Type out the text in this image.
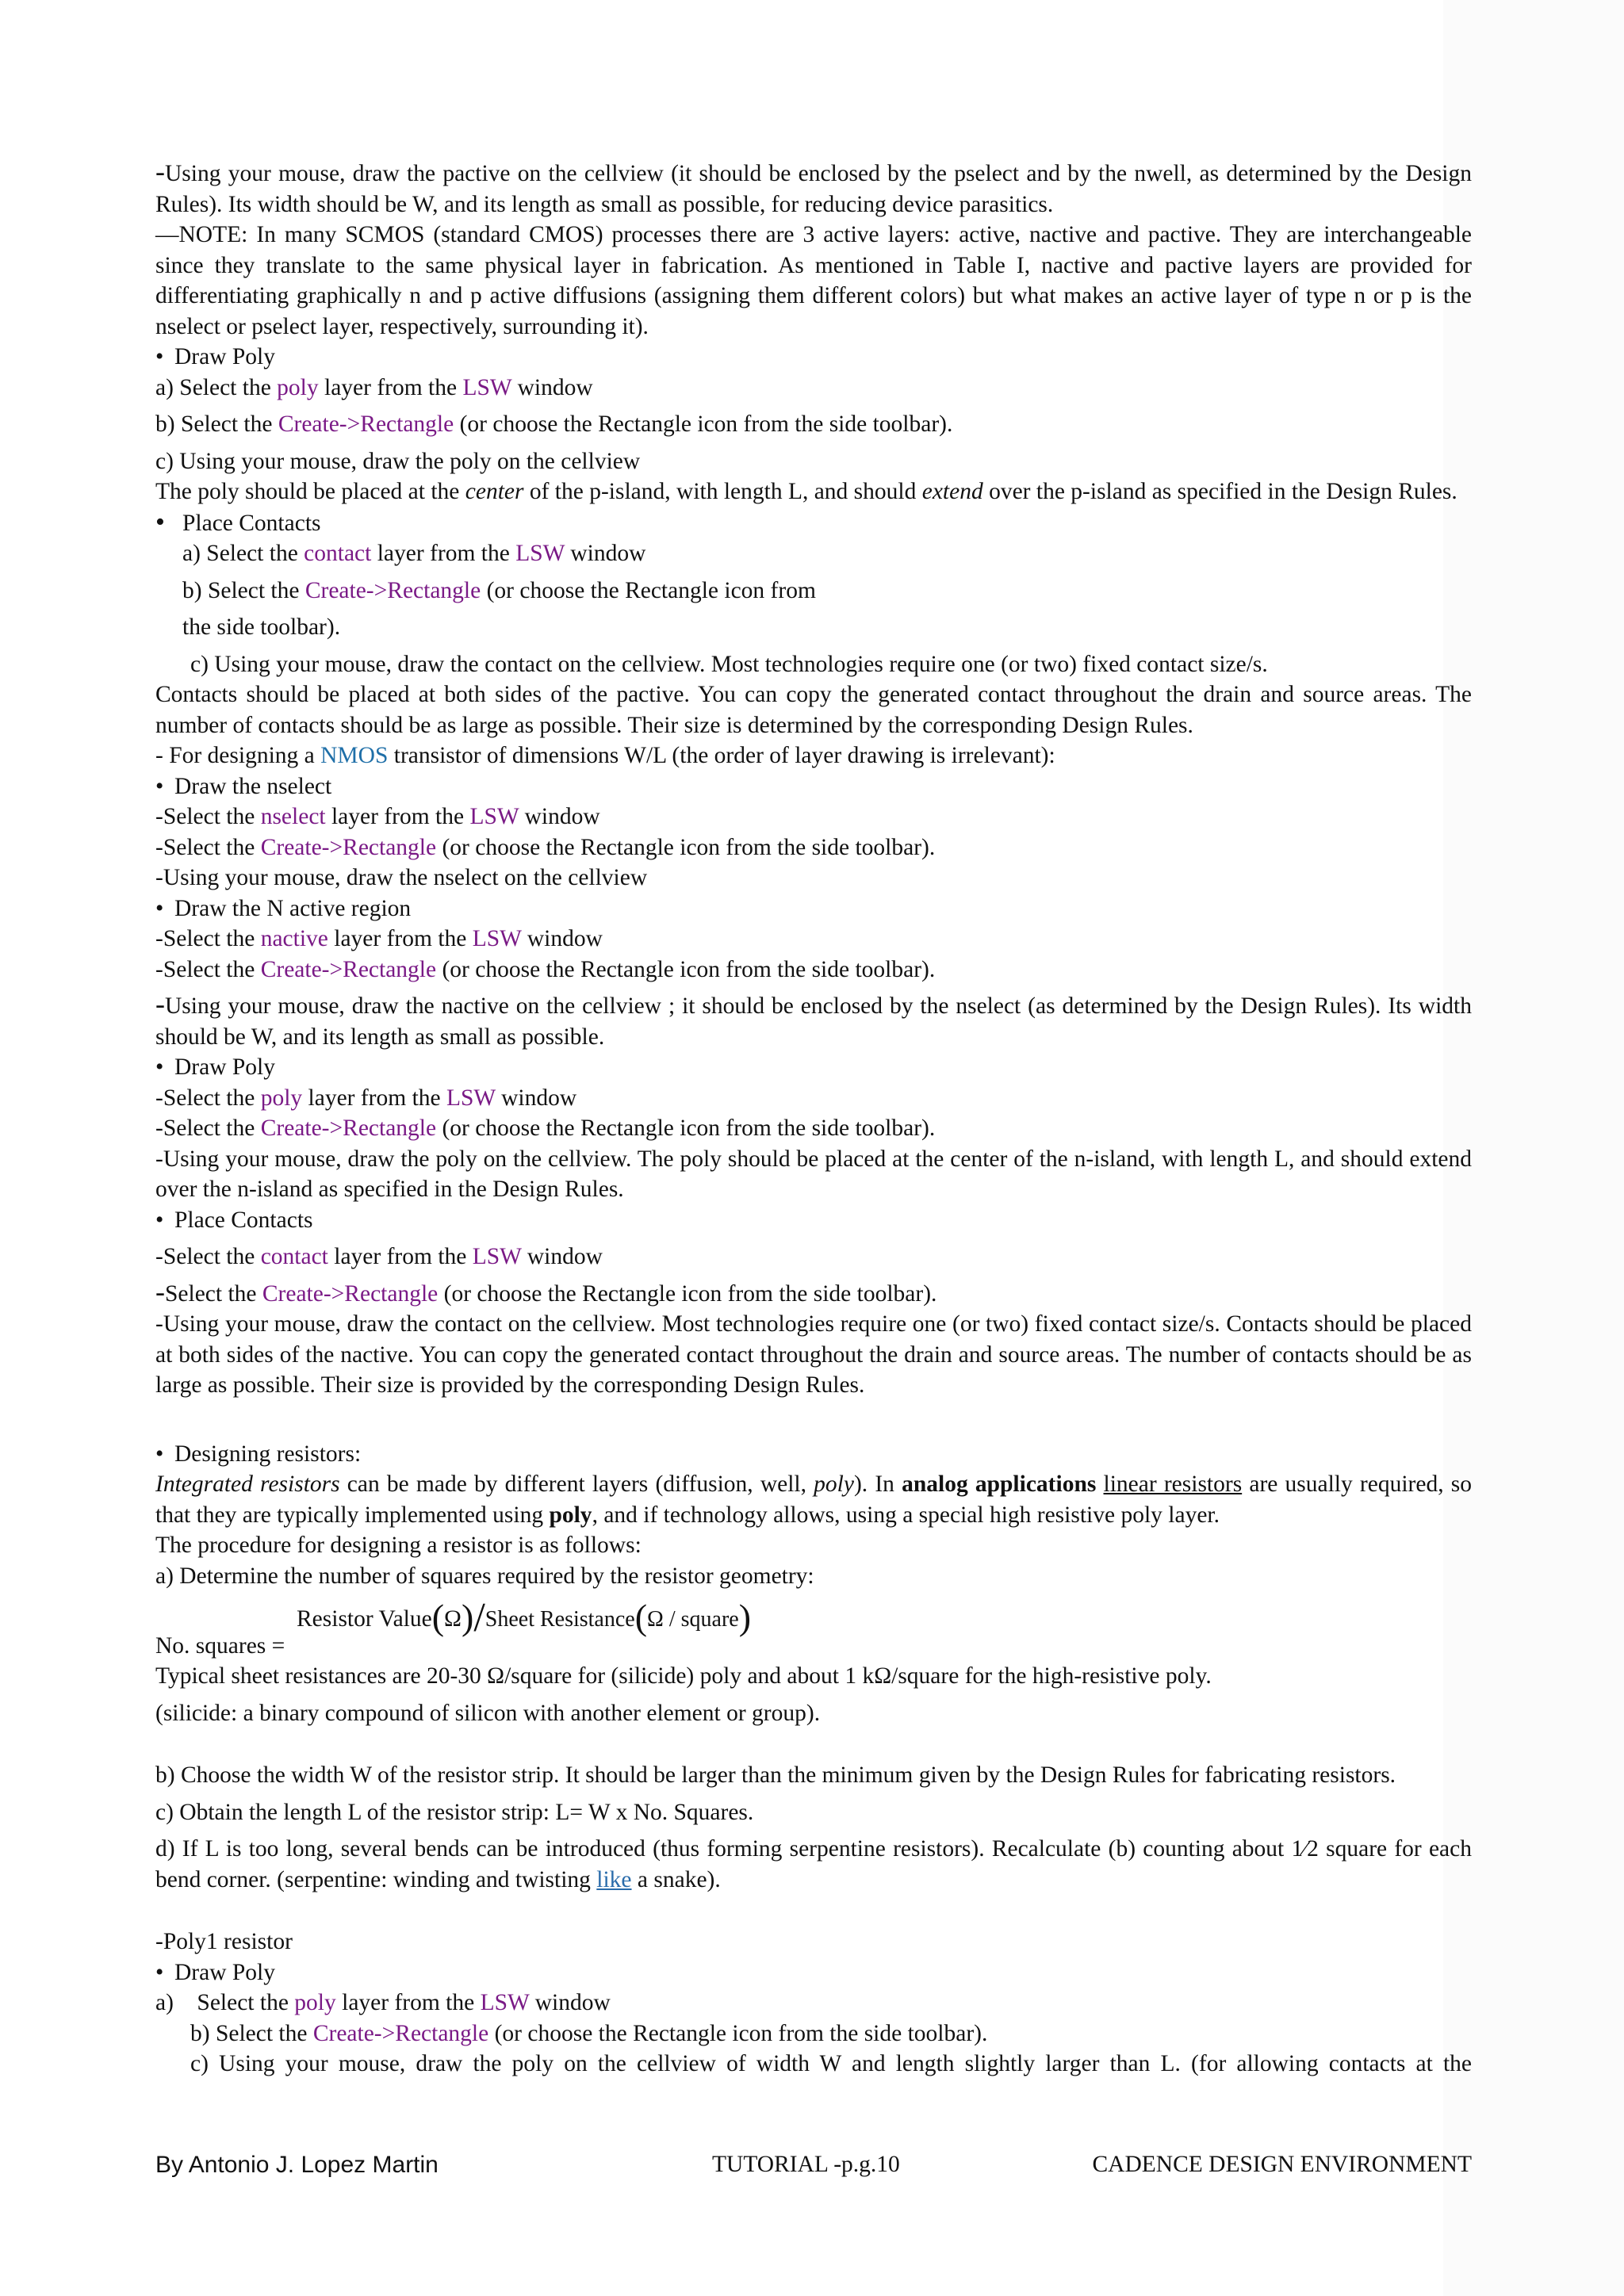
-Using your mouse, draw the pactive on the cellview (it should be enclosed by the pselect and by the nwell, as determined by the Design Rules). Its width should be W, and its length as small as possible, for reducing device parasitics.

—NOTE: In many SCMOS (standard CMOS) processes there are 3 active layers: active, nactive and pactive. They are interchangeable since they translate to the same physical layer in fabrication. As mentioned in Table I, nactive and pactive layers are provided for differentiating graphically n and p active diffusions (assigning them different colors) but what makes an active layer of type n or p is the nselect or pselect layer, respectively, surrounding it).

• Draw Poly

a) Select the poly layer from the LSW window

b) Select the Create->Rectangle (or choose the Rectangle icon from the side toolbar).

c) Using your mouse, draw the poly on the cellview

The poly should be placed at the center of the p-island, with length L, and should extend over the p-island as specified in the Design Rules.

• Place Contacts

a) Select the contact layer from the LSW window

b) Select the Create->Rectangle (or choose the Rectangle icon from

the side toolbar).

c) Using your mouse, draw the contact on the cellview. Most technologies require one (or two) fixed contact size/s.

Contacts should be placed at both sides of the pactive. You can copy the generated contact throughout the drain and source areas. The number of contacts should be as large as possible. Their size is determined by the corresponding Design Rules.

- For designing a NMOS transistor of dimensions W/L (the order of layer drawing is irrelevant):

• Draw the nselect

-Select the nselect layer from the LSW window

-Select the Create->Rectangle (or choose the Rectangle icon from the side toolbar).

-Using your mouse, draw the nselect on the cellview

• Draw the N active region

-Select the nactive layer from the LSW window

-Select the Create->Rectangle (or choose the Rectangle icon from the side toolbar).

-Using your mouse, draw the nactive on the cellview ; it should be enclosed by the nselect (as determined by the Design Rules). Its width should be W, and its length as small as possible.

• Draw Poly

-Select the poly layer from the LSW window

-Select the Create->Rectangle (or choose the Rectangle icon from the side toolbar).

-Using your mouse, draw the poly on the cellview. The poly should be placed at the center of the n-island, with length L, and should extend over the n-island as specified in the Design Rules.

• Place Contacts

-Select the contact layer from the LSW window

-Select the Create->Rectangle (or choose the Rectangle icon from the side toolbar).

-Using your mouse, draw the contact on the cellview. Most technologies require one (or two) fixed contact size/s. Contacts should be placed at both sides of the nactive. You can copy the generated contact throughout the drain and source areas. The number of contacts should be as large as possible. Their size is provided by the corresponding Design Rules.

• Designing resistors:

Integrated resistors can be made by different layers (diffusion, well, poly). In analog applications linear resistors are usually required, so that they are typically implemented using poly, and if technology allows, using a special high resistive poly layer.

The procedure for designing a resistor is as follows:

a) Determine the number of squares required by the resistor geometry:

Resistor Value(Ω)/Sheet Resistance(Ω / square)

No. squares =

Typical sheet resistances are 20-30 Ω/square for (silicide) poly and about 1 kΩ/square for the high-resistive poly.

(silicide: a binary compound of silicon with another element or group).

b) Choose the width W of the resistor strip. It should be larger than the minimum given by the Design Rules for fabricating resistors.

c) Obtain the length L of the resistor strip: L= W x No. Squares.

d) If L is too long, several bends can be introduced (thus forming serpentine resistors). Recalculate (b) counting about 1⁄2 square for each bend corner. (serpentine: winding and twisting like a snake).

-Poly1 resistor

• Draw Poly

a)    Select the poly layer from the LSW window

b) Select the Create->Rectangle (or choose the Rectangle icon from the side toolbar).

c) Using your mouse, draw the poly on the cellview of width W and length slightly larger than L. (for allowing contacts at the

By Antonio J. Lopez Martin	TUTORIAL -p.g.10	CADENCE DESIGN ENVIRONMENT
